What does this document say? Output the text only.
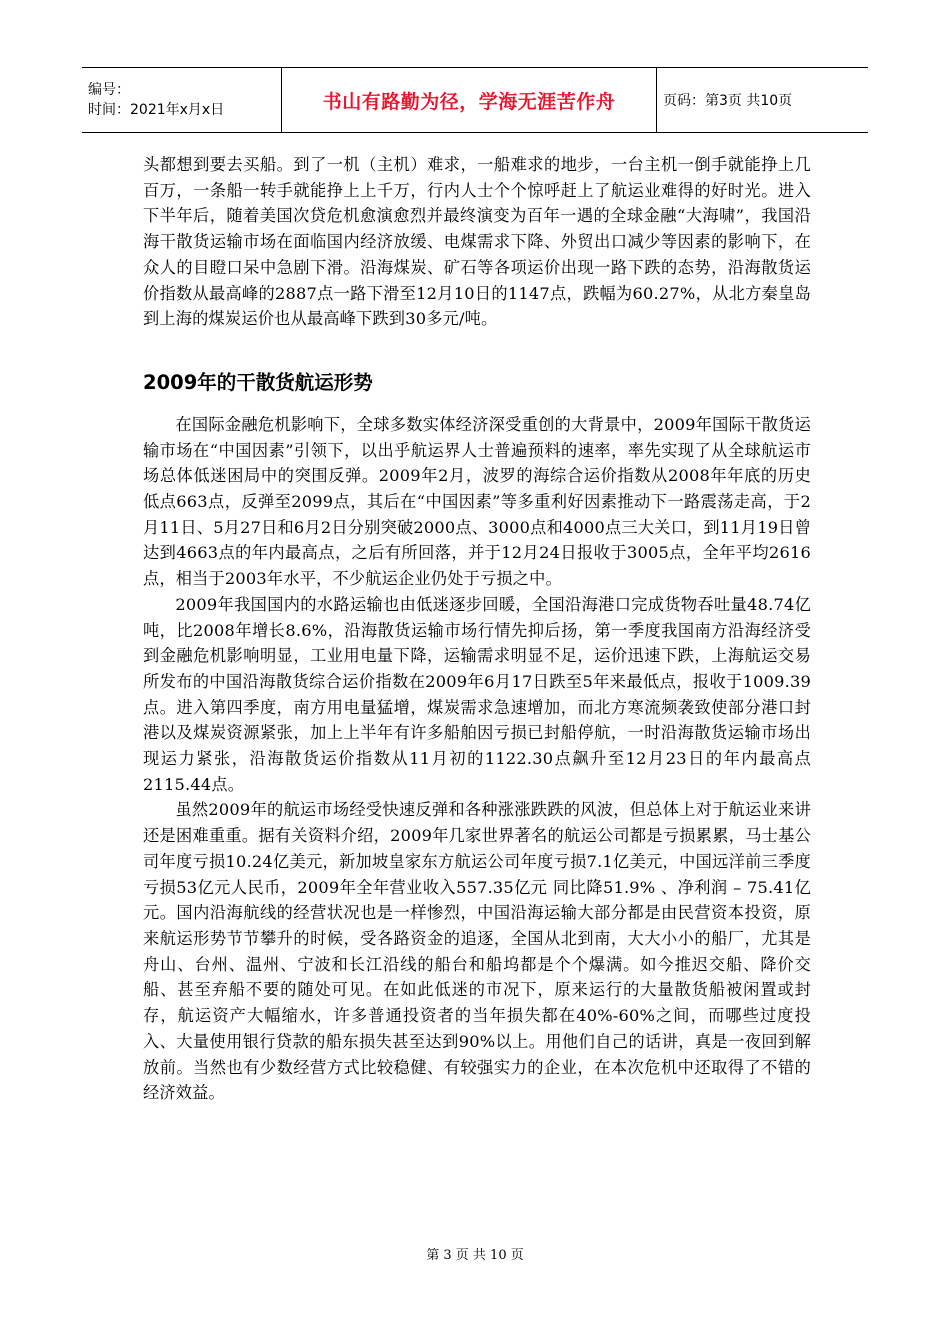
编号：
时间：2021年x月x日	书山有路勤为径，学海无涯苦作舟	页码：第3页 共10页

头都想到要去买船。到了一机（主机）难求，一船难求的地步，一台主机一倒手就能挣上几百万，一条船一转手就能挣上上千万，行内人士个个惊呼赶上了航运业难得的好时光。进入下半年后，随着美国次贷危机愈演愈烈并最终演变为百年一遇的全球金融“大海啸”，我国沿海干散货运输市场在面临国内经济放缓、电煤需求下降、外贸出口减少等因素的影响下，在众人的目瞪口呆中急剧下滑。沿海煤炭、矿石等各项运价出现一路下跌的态势，沿海散货运价指数从最高峰的2887点一路下滑至12月10日的1147点，跌幅为60.27%，从北方秦皇岛到上海的煤炭运价也从最高峰下跌到30多元/吨。

2009年的干散货航运形势

在国际金融危机影响下，全球多数实体经济深受重创的大背景中，2009年国际干散货运输市场在“中国因素”引领下，以出乎航运界人士普遍预料的速率，率先实现了从全球航运市场总体低迷困局中的突围反弹。2009年2月，波罗的海综合运价指数从2008年年底的历史低点663点，反弹至2099点，其后在“中国因素”等多重利好因素推动下一路震荡走高，于2月11日、5月27日和6月2日分别突破2000点、3000点和4000点三大关口，到11月19日曾达到4663点的年内最高点，之后有所回落，并于12月24日报收于3005点，全年平均2616点，相当于2003年水平，不少航运企业仍处于亏损之中。

2009年我国国内的水路运输也由低迷逐步回暖，全国沿海港口完成货物吞吐量48.74亿吨，比2008年增长8.6%，沿海散货运输市场行情先抑后扬，第一季度我国南方沿海经济受到金融危机影响明显，工业用电量下降，运输需求明显不足，运价迅速下跌，上海航运交易所发布的中国沿海散货综合运价指数在2009年6月17日跌至5年来最低点，报收于1009.39点。进入第四季度，南方用电量猛增，煤炭需求急速增加，而北方寒流频袭致使部分港口封港以及煤炭资源紧张，加上上半年有许多船舶因亏损已封船停航，一时沿海散货运输市场出现运力紧张，沿海散货运价指数从11月初的1122.30点飙升至12月23日的年内最高点2115.44点。

虽然2009年的航运市场经受快速反弹和各种涨涨跌跌的风波，但总体上对于航运业来讲还是困难重重。据有关资料介绍，2009年几家世界著名的航运公司都是亏损累累，马士基公司年度亏损10.24亿美元，新加坡皇家东方航运公司年度亏损7.1亿美元，中国远洋前三季度亏损53亿元人民币，2009年全年营业收入557.35亿元 同比降51.9% 、净利润 – 75.41亿元。国内沿海航线的经营状况也是一样惨烈，中国沿海运输大部分都是由民营资本投资，原来航运形势节节攀升的时候，受各路资金的追逐，全国从北到南，大大小小的船厂，尤其是舟山、台州、温州、宁波和长江沿线的船台和船坞都是个个爆满。如今推迟交船、降价交船、甚至弃船不要的随处可见。在如此低迷的市况下，原来运行的大量散货船被闲置或封存，航运资产大幅缩水，许多普通投资者的当年损失都在40%-60%之间，而哪些过度投入、大量使用银行贷款的船东损失甚至达到90%以上。用他们自己的话讲，真是一夜回到解放前。当然也有少数经营方式比较稳健、有较强实力的企业，在本次危机中还取得了不错的经济效益。

第 3 页 共 10 页
